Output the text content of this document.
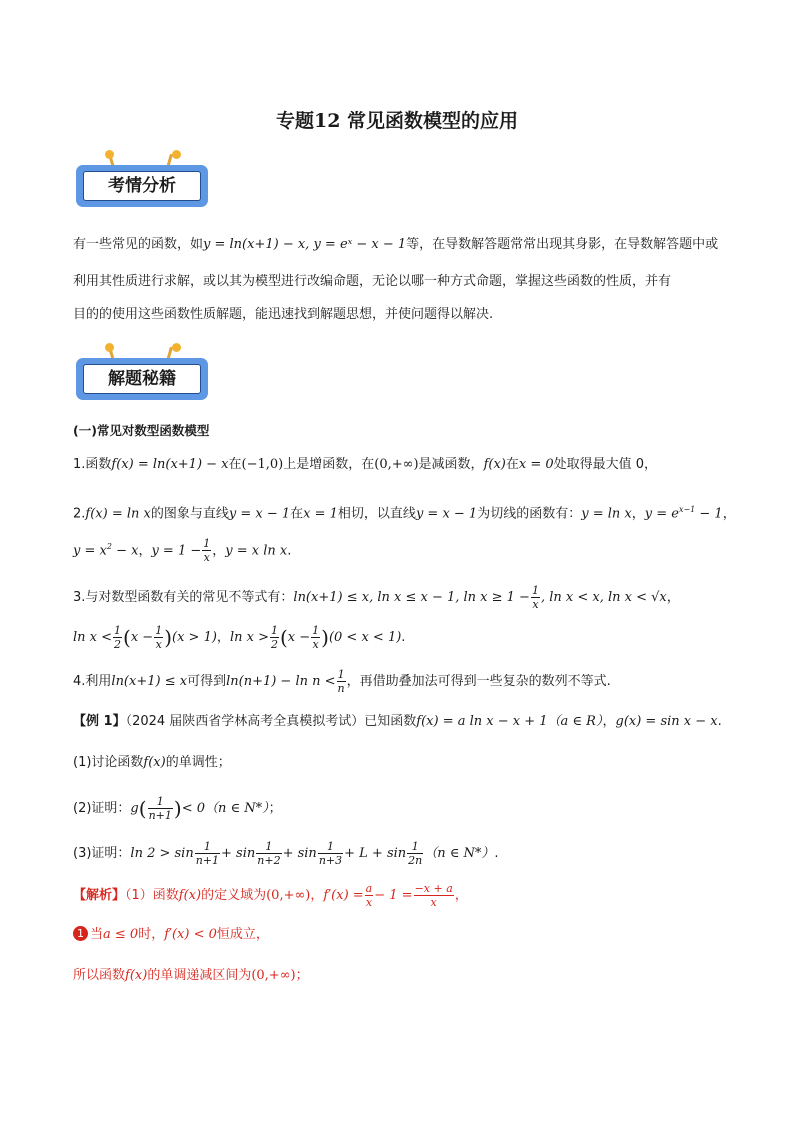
专题12 常见函数模型的应用
考情分析
有一些常见的函数，如y = ln(x+1) − x, y = eˣ − x − 1等，在导数解答题常常出现其身影，在导数解答题中或
利用其性质进行求解，或以其为模型进行改编命题，无论以哪一种方式命题，掌握这些函数的性质，并有
目的的使用这些函数性质解题，能迅速找到解题思想，并使问题得以解决.
解题秘籍
(一)常见对数型函数模型
1.函数f(x) = ln(x+1) − x在(−1,0)上是增函数，在(0,+∞)是减函数，f(x)在x = 0处取得最大值 0，
2.f(x) = ln x的图象与直线y = x − 1在x = 1相切，以直线y = x − 1为切线的函数有：y = ln x，$y = e^{x-1} - 1$，
$y = x^2 - x$，$y = 1 - \frac{1}{x}$ ，y = x ln x.
3.与对数型函数有关的常见不等式有：ln(x+1) ≤ x, ln x ≤ x − 1, $\ln x \ge 1 - \frac{1}{x}$ , ln x < x, ln x < √x，
$\ln x < \frac{1}{2} (x - \frac{1}{x} )(x > 1)$，$\ln x > \frac{1}{2} (x - \frac{1}{x} )(0 < x < 1)$.
4.利用ln(x+1) ≤ x可得到$\ln(n+1) - \ln n < \frac{1}{n}$ ，再借助叠加法可得到一些复杂的数列不等式.
【例 1】（2024 届陕西省学林高考全真模拟考试）已知函数f(x) = a ln x − x + 1（a ∈ R），g(x) = sin x − x.
(1)讨论函数f(x)的单调性；
(2)证明：$g( \frac{1}{n+1}$ )< 0（n ∈ N*）；
(3)证明：$\ln 2 > \sin \frac{1}{n+1} + \sin \frac{1}{n+2} + \sin \frac{1}{n+3} + L + \sin \frac{1}{2n} (n$ ∈ N*）.
【解析】（1）函数f(x)的定义域为(0,+∞)，$f'(x) = \frac{a}{x} - 1 = \frac{-x + a}{x}$ ，
1 当a ≤ 0时，f′(x) < 0恒成立，
所以函数f(x)的单调递减区间为(0,+∞)；
